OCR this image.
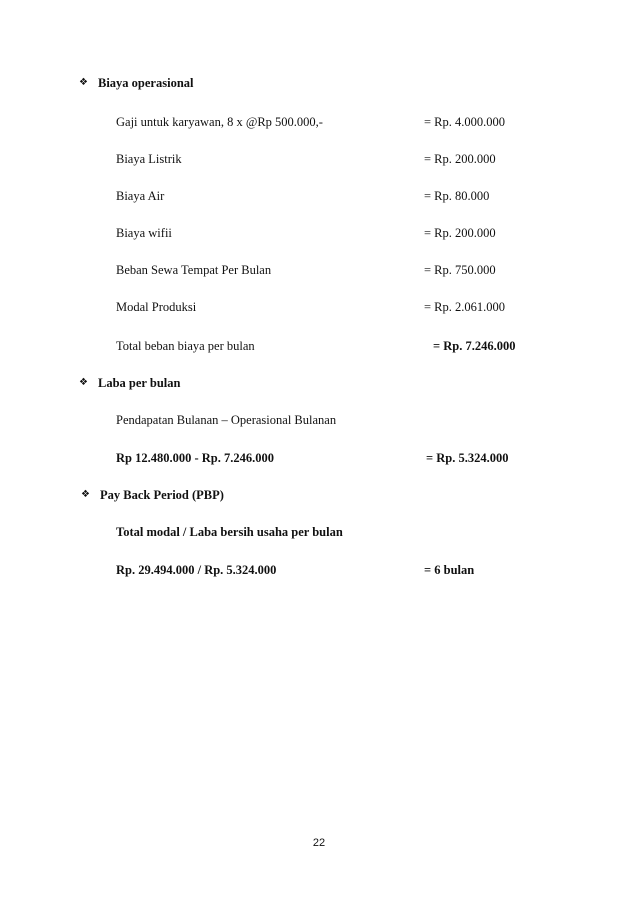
❖ Biaya operasional
Gaji untuk karyawan, 8 x @Rp 500.000,-	= Rp. 4.000.000
Biaya Listrik	= Rp. 200.000
Biaya Air	= Rp. 80.000
Biaya wifii	= Rp. 200.000
Beban Sewa Tempat Per Bulan	= Rp. 750.000
Modal Produksi	= Rp. 2.061.000
Total beban biaya per bulan	= Rp. 7.246.000
❖ Laba per bulan
Pendapatan Bulanan – Operasional Bulanan
Rp 12.480.000 - Rp. 7.246.000	= Rp. 5.324.000
❖ Pay Back Period (PBP)
Total modal / Laba bersih usaha per bulan
Rp. 29.494.000 / Rp. 5.324.000	= 6 bulan
22
